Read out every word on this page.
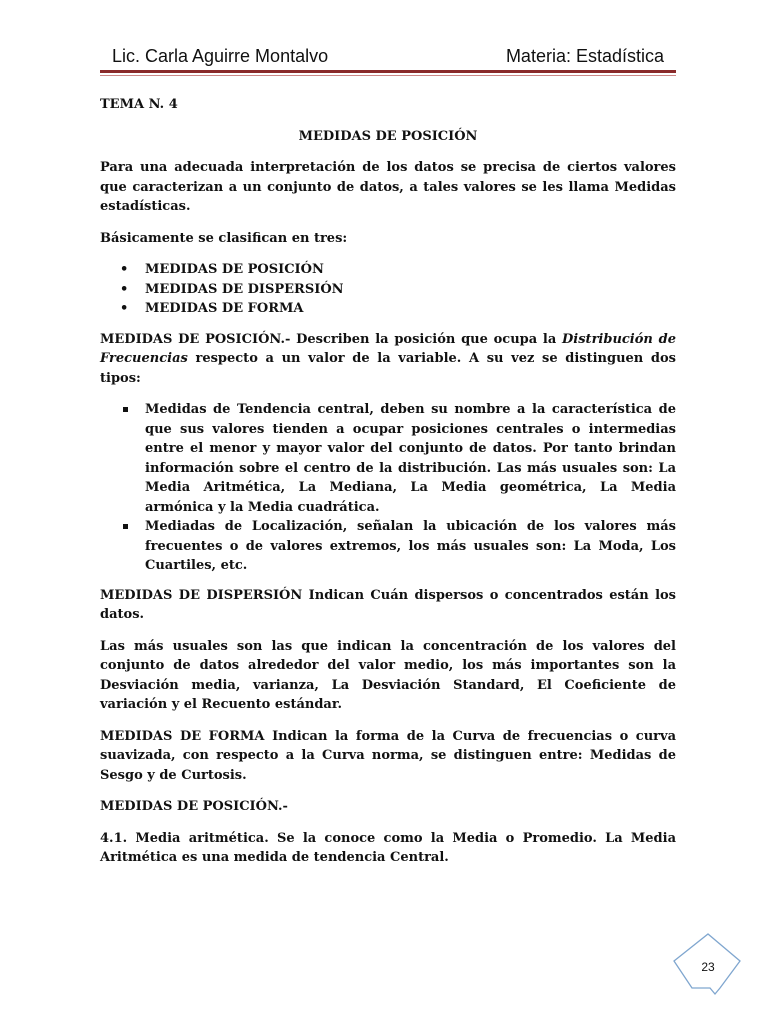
Lic. Carla Aguirre Montalvo	Materia: Estadística

TEMA N. 4

MEDIDAS DE POSICIÓN

Para una adecuada interpretación de los datos se precisa de ciertos valores que caracterizan a un conjunto de datos, a tales valores se les llama Medidas estadísticas.

Básicamente se clasifican en tres:

• MEDIDAS DE POSICIÓN
• MEDIDAS DE DISPERSIÓN
• MEDIDAS DE FORMA

MEDIDAS DE POSICIÓN.- Describen la posición que ocupa la Distribución de Frecuencias respecto a un valor de la variable. A su vez se distinguen dos tipos:

Medidas de Tendencia central, deben su nombre a la característica de que sus valores tienden a ocupar posiciones centrales o intermedias entre el menor y mayor valor del conjunto de datos. Por tanto brindan información sobre el centro de la distribución. Las más usuales son: La Media Aritmética, La Mediana, La Media geométrica, La Media armónica y la Media cuadrática.
Mediadas de Localización, señalan la ubicación de los valores más frecuentes o de valores extremos, los más usuales son: La Moda, Los Cuartiles, etc.

MEDIDAS DE DISPERSIÓN Indican Cuán dispersos o concentrados están los datos.

Las más usuales son las que indican la concentración de los valores del conjunto de datos alrededor del valor medio, los más importantes son la Desviación media, varianza, La Desviación Standard, El Coeficiente de variación y el Recuento estándar.

MEDIDAS DE FORMA Indican la forma de la Curva de frecuencias o curva suavizada, con respecto a la Curva norma, se distinguen entre: Medidas de Sesgo y de Curtosis.

MEDIDAS DE POSICIÓN.-

4.1. Media aritmética. Se la conoce como la Media o Promedio. La Media Aritmética es una medida de tendencia Central.

23
